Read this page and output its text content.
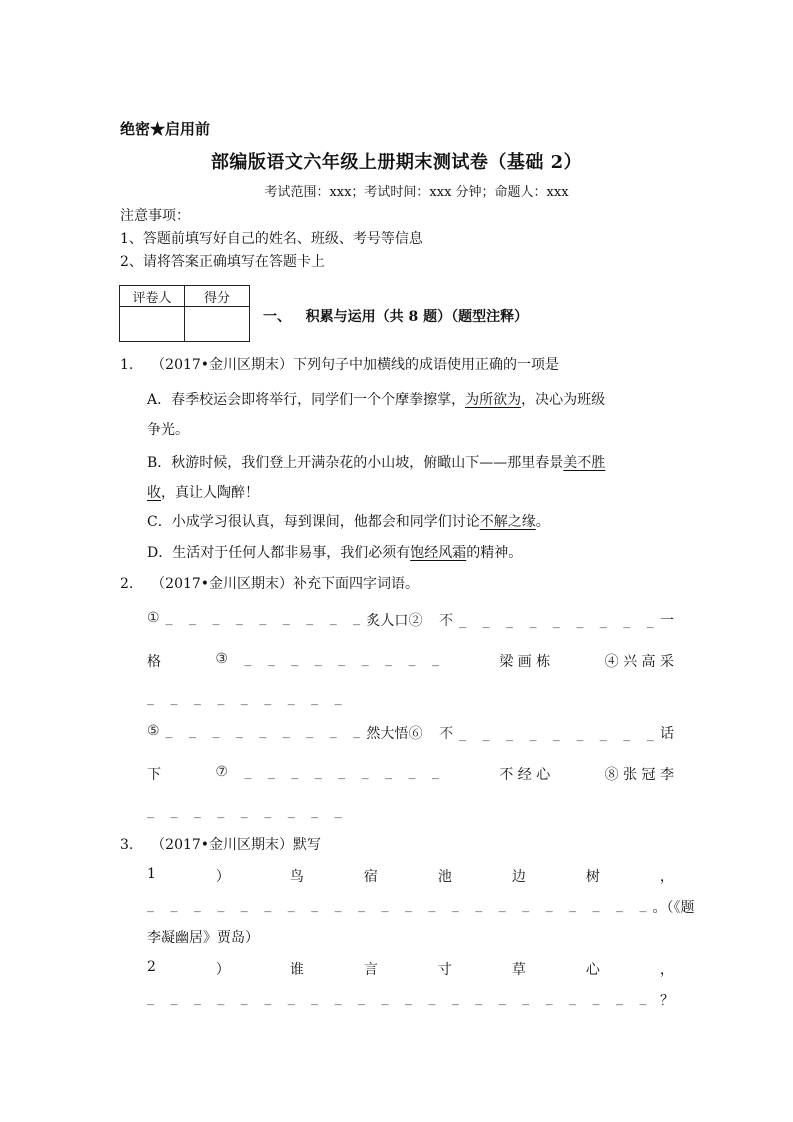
绝密★启用前
部编版语文六年级上册期末测试卷（基础 2）
考试范围：xxx；考试时间：xxx 分钟；命题人：xxx
注意事项：
1、答题前填写好自己的姓名、班级、考号等信息
2、请将答案正确填写在答题卡上
评卷人	得分

一、 积累与运用（共 8 题）（题型注释）
1. （2017•金川区期末）下列句子中加横线的成语使用正确的一项是
A．春季校运会即将举行，同学们一个个摩拳擦掌，为所欲为，决心为班级
争光。
B．秋游时候，我们登上开满杂花的小山坡，俯瞰山下——那里春景美不胜
收，真让人陶醉！
C．小成学习很认真，每到课间，他都会和同学们讨论不解之缘。
D．生活对于任何人都非易事，我们必须有饱经风霜的精神。
2. （2017•金川区期末）补充下面四字词语。
①_ _ _ _ _ _ _ _ _ 炙人口 ② 不_ _ _ _ _ _ _ _ _ 一
格	③ _ _ _ _ _ _ _ _ _	梁 画 栋	④ 兴 高 采
_ _ _ _ _ _ _ _ _
⑤_ _ _ _ _ _ _ _ _ 然大悟 ⑥ 不_ _ _ _ _ _ _ _ _ 话
下	⑦ _ _ _ _ _ _ _ _ _	不 经 心	⑧ 张 冠 李
_ _ _ _ _ _ _ _ _
3. （2017•金川区期末）默写
1	）	鸟	宿	池	边	树	，
_ _ _ _ _ _ _ _ _ _ _ _ _ _ _ _ _ _ _ _ _ _ 。（《题
李凝幽居》贾岛）
2	）	谁	言	寸	草	心	，
_ _ _ _ _ _ _ _ _ _ _ _ _ _ _ _ _ _ _ _ _ _ ？
